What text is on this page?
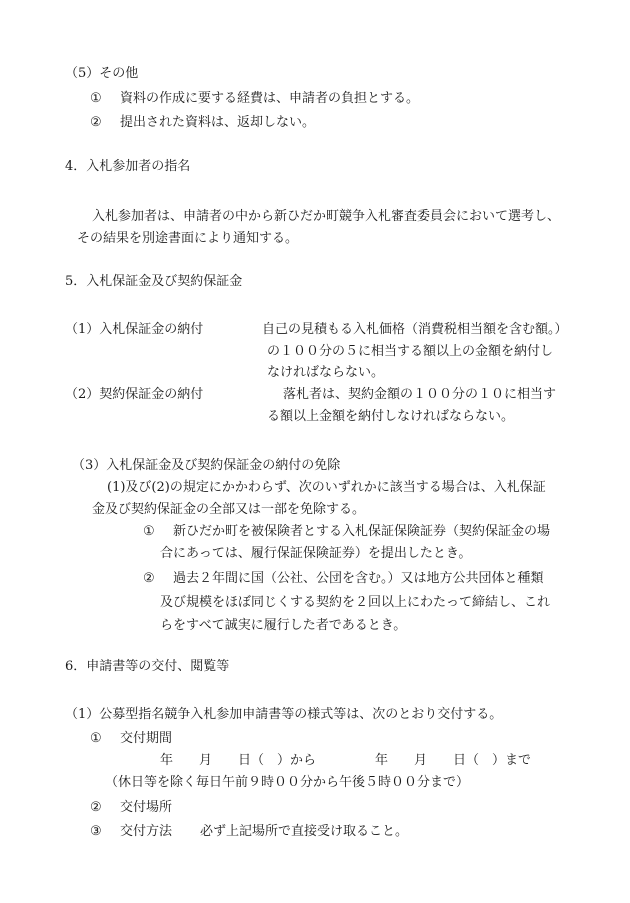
（5）その他
① 資料の作成に要する経費は、申請者の負担とする。
② 提出された資料は、返却しない。
4．入札参加者の指名
入札参加者は、申請者の中から新ひだか町競争入札審査委員会において選考し、
その結果を別途書面により通知する。
5．入札保証金及び契約保証金
（1）入札保証金の納付	自己の見積もる入札価格（消費税相当額を含む額。）
の１００分の５に相当する額以上の金額を納付し
なければならない。
（2）契約保証金の納付	落札者は、契約金額の１００分の１０に相当す
る額以上金額を納付しなければならない。
（3）入札保証金及び契約保証金の納付の免除
(1)及び(2)の規定にかかわらず、次のいずれかに該当する場合は、入札保証
金及び契約保証金の全部又は一部を免除する。
① 新ひだか町を被保険者とする入札保証保険証券（契約保証金の場
合にあっては、履行保証保険証券）を提出したとき。
② 過去２年間に国（公社、公団を含む。）又は地方公共団体と種類
及び規模をほぼ同じくする契約を２回以上にわたって締結し、これ
らをすべて誠実に履行した者であるとき。
6．申請書等の交付、閲覧等
（1）公募型指名競争入札参加申請書等の様式等は、次のとおり交付する。
① 交付期間
年　　月　　日（　）から	年　　月　　日（　）まで
（休日等を除く毎日午前９時００分から午後５時００分まで）
② 交付場所
③ 交付方法 必ず上記場所で直接受け取ること。
